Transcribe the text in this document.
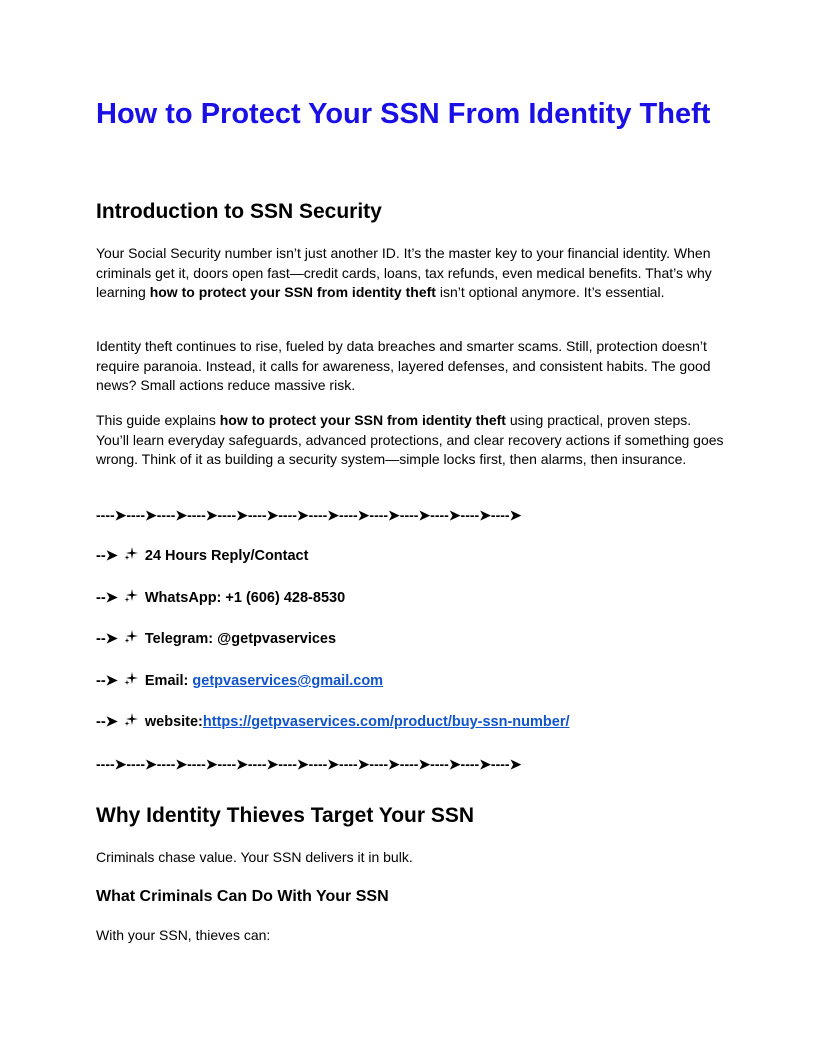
How to Protect Your SSN From Identity Theft
Introduction to SSN Security

Your Social Security number isn’t just another ID. It’s the master key to your financial identity. When criminals get it, doors open fast—credit cards, loans, tax refunds, even medical benefits. That’s why learning how to protect your SSN from identity theft isn’t optional anymore. It’s essential.

Identity theft continues to rise, fueled by data breaches and smarter scams. Still, protection doesn’t require paranoia. Instead, it calls for awareness, layered defenses, and consistent habits. The good news? Small actions reduce massive risk.

This guide explains how to protect your SSN from identity theft using practical, proven steps. You’ll learn everyday safeguards, advanced protections, and clear recovery actions if something goes wrong. Think of it as building a security system—simple locks first, then alarms, then insurance.

----➤----➤----➤----➤----➤----➤----➤----➤----➤----➤----➤----➤----➤----➤
--➤ 24 Hours Reply/Contact
--➤ WhatsApp: +1 (606) 428-8530
--➤ Telegram: @getpvaservices
--➤ Email: getpvaservices@gmail.com
--➤ website:https://getpvaservices.com/product/buy-ssn-number/
----➤----➤----➤----➤----➤----➤----➤----➤----➤----➤----➤----➤----➤----➤
Why Identity Thieves Target Your SSN

Criminals chase value. Your SSN delivers it in bulk.

What Criminals Can Do With Your SSN

With your SSN, thieves can:
